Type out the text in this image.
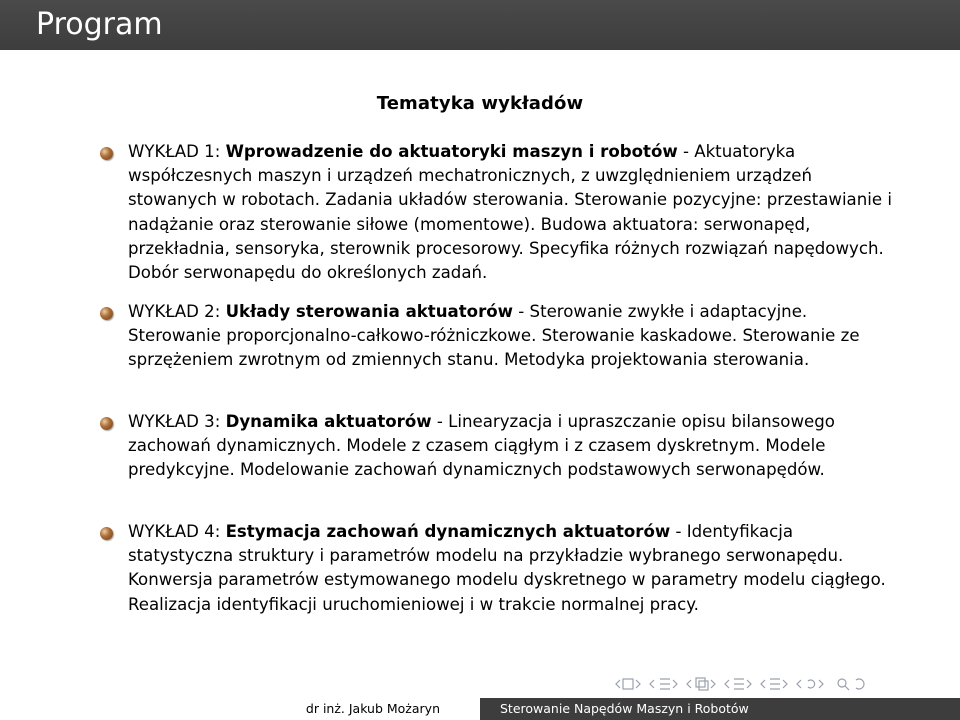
Program
Tematyka wykładów
WYKŁAD 1: Wprowadzenie do aktuatoryki maszyn i robotów - Aktuatoryka współczesnych maszyn i urządzeń mechatronicznych, z uwzględnieniem urządzeń stowanych w robotach. Zadania układów sterowania. Sterowanie pozycyjne: przestawianie i nadążanie oraz sterowanie siłowe (momentowe). Budowa aktuatora: serwonapęd, przekładnia, sensoryka, sterownik procesorowy. Specyfika różnych rozwiązań napędowych. Dobór serwonapędu do określonych zadań.
WYKŁAD 2: Układy sterowania aktuatorów - Sterowanie zwykłe i adaptacyjne. Sterowanie proporcjonalno-całkowo-różniczkowe. Sterowanie kaskadowe. Sterowanie ze sprzężeniem zwrotnym od zmiennych stanu. Metodyka projektowania sterowania.
WYKŁAD 3: Dynamika aktuatorów - Linearyzacja i upraszczanie opisu bilansowego zachowań dynamicznych. Modele z czasem ciągłym i z czasem dyskretnym. Modele predykcyjne. Modelowanie zachowań dynamicznych podstawowych serwonapędów.
WYKŁAD 4: Estymacja zachowań dynamicznych aktuatorów - Identyfikacja statystyczna struktury i parametrów modelu na przykładzie wybranego serwonapędu. Konwersja parametrów estymowanego modelu dyskretnego w parametry modelu ciągłego. Realizacja identyfikacji uruchomieniowej i w trakcie normalnej pracy.
dr inż. Jakub Możaryn	Sterowanie Napędów Maszyn i Robotów
